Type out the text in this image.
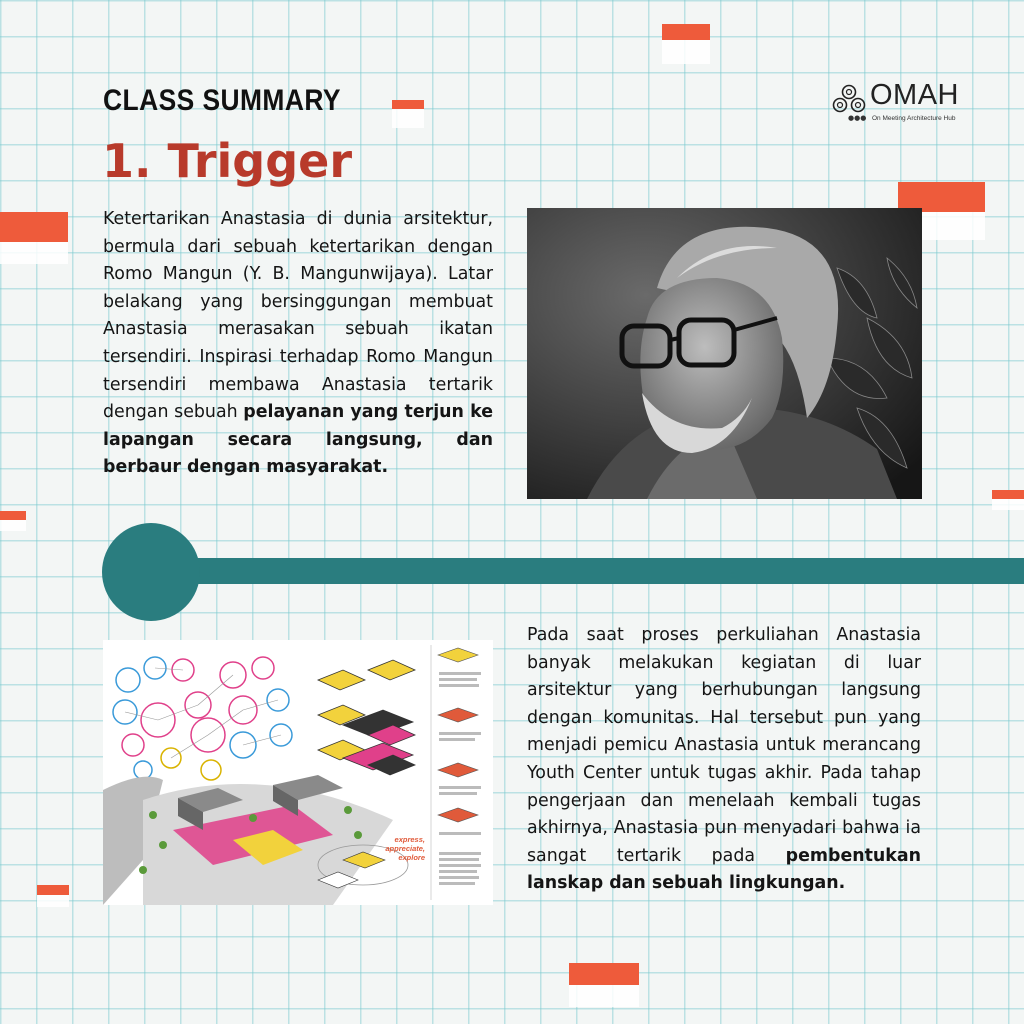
CLASS SUMMARY
1. Trigger
OMAH
●●● On Meeting Architecture Hub
Ketertarikan Anastasia di dunia arsitektur, bermula dari sebuah ketertarikan dengan Romo Mangun (Y. B. Mangunwijaya). Latar belakang yang bersinggungan membuat Anastasia merasakan sebuah ikatan tersendiri. Inspirasi terhadap Romo Mangun tersendiri membawa Anastasia tertarik dengan sebuah pelayanan yang terjun ke lapangan secara langsung, dan berbaur dengan masyarakat.
express, appreciate, explore
Pada saat proses perkuliahan Anastasia banyak melakukan kegiatan di luar arsitektur yang berhubungan langsung dengan komunitas. Hal tersebut pun yang menjadi pemicu Anastasia untuk merancang Youth Center untuk tugas akhir. Pada tahap pengerjaan dan menelaah kembali tugas akhirnya, Anastasia pun menyadari bahwa ia sangat tertarik pada pembentukan lanskap dan sebuah lingkungan.
